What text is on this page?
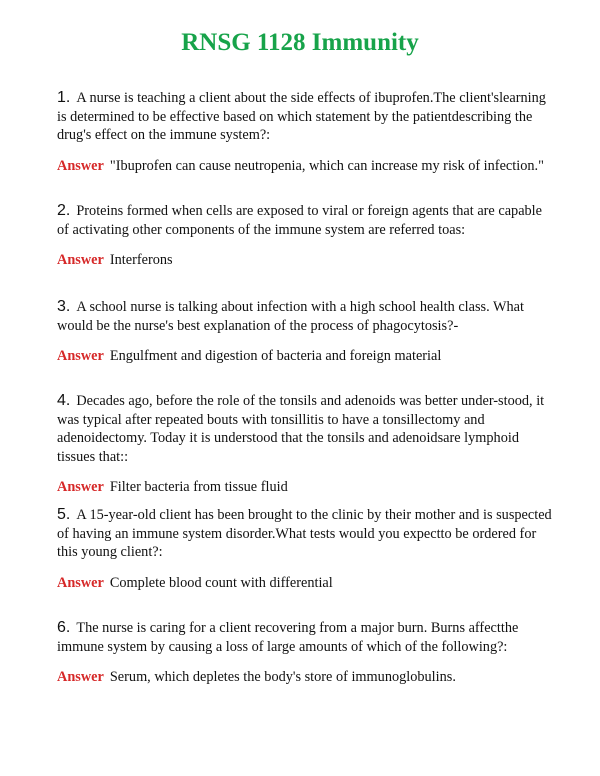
RNSG 1128 Immunity

1. A nurse is teaching a client about the side effects of ibuprofen.The client'slearning is determined to be effective based on which statement by the patientdescribing the drug's effect on the immune system?:

Answer "Ibuprofen can cause neutropenia, which can increase my risk of infection."

2. Proteins formed when cells are exposed to viral or foreign agents that are capable of activating other components of the immune system are referred toas:

Answer Interferons

3. A school nurse is talking about infection with a high school health class. What would be the nurse's best explanation of the process of phagocytosis?-

Answer Engulfment and digestion of bacteria and foreign material

4. Decades ago, before the role of the tonsils and adenoids was better under-stood, it was typical after repeated bouts with tonsillitis to have a tonsillectomy and adenoidectomy. Today it is understood that the tonsils and adenoidsare lymphoid tissues that::

Answer Filter bacteria from tissue fluid

5. A 15-year-old client has been brought to the clinic by their mother and is suspected of having an immune system disorder.What tests would you expectto be ordered for this young client?:

Answer Complete blood count with differential

6. The nurse is caring for a client recovering from a major burn. Burns affectthe immune system by causing a loss of large amounts of which of the following?:

Answer Serum, which depletes the body's store of immunoglobulins.
